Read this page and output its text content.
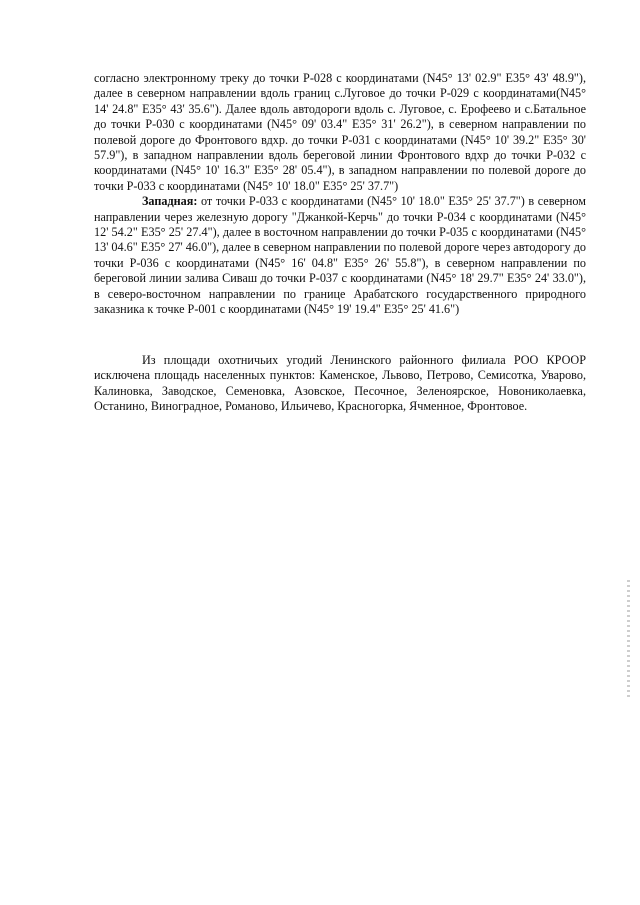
согласно электронному треку до точки Р-028 с координатами (N45° 13' 02.9" E35° 43' 48.9"), далее в северном направлении вдоль границ с.Луговое до точки Р-029 с координатами(N45° 14' 24.8" E35° 43' 35.6"). Далее вдоль автодороги вдоль с. Луговое, с. Ерофеево и с.Батальное до точки Р-030 с координатами (N45° 09' 03.4" E35° 31' 26.2"), в северном направлении по полевой дороге до Фронтового вдхр. до точки Р-031 с координатами (N45° 10' 39.2" E35° 30' 57.9"), в западном направлении вдоль береговой линии Фронтового вдхр до точки Р-032 с координатами (N45° 10' 16.3" E35° 28' 05.4"), в западном направлении по полевой дороге до точки Р-033 с координатами (N45° 10' 18.0" E35° 25' 37.7")

Западная: от точки Р-033 с координатами (N45° 10' 18.0" E35° 25' 37.7") в северном направлении через железную дорогу "Джанкой-Керчь" до точки Р-034 с координатами (N45° 12' 54.2" E35° 25' 27.4"), далее в восточном направлении до точки Р-035 с координатами (N45° 13' 04.6" E35° 27' 46.0"), далее в северном направлении по полевой дороге через автодорогу до точки Р-036 с координатами (N45° 16' 04.8" E35° 26' 55.8"), в северном направлении по береговой линии залива Сиваш до точки Р-037 с координатами (N45° 18' 29.7" E35° 24' 33.0"), в северо-восточном направлении по границе Арабатского государственного природного заказника к точке Р-001 с координатами (N45° 19' 19.4" E35° 25' 41.6")

Из площади охотничьих угодий Ленинского районного филиала РОО КРООР исключена площадь населенных пунктов: Каменское, Львово, Петрово, Семисотка, Уварово, Калиновка, Заводское, Семеновка, Азовское, Песочное, Зеленоярское, Новониколаевка, Останино, Виноградное, Романово, Ильичево, Красногорка, Ячменное, Фронтовое.
